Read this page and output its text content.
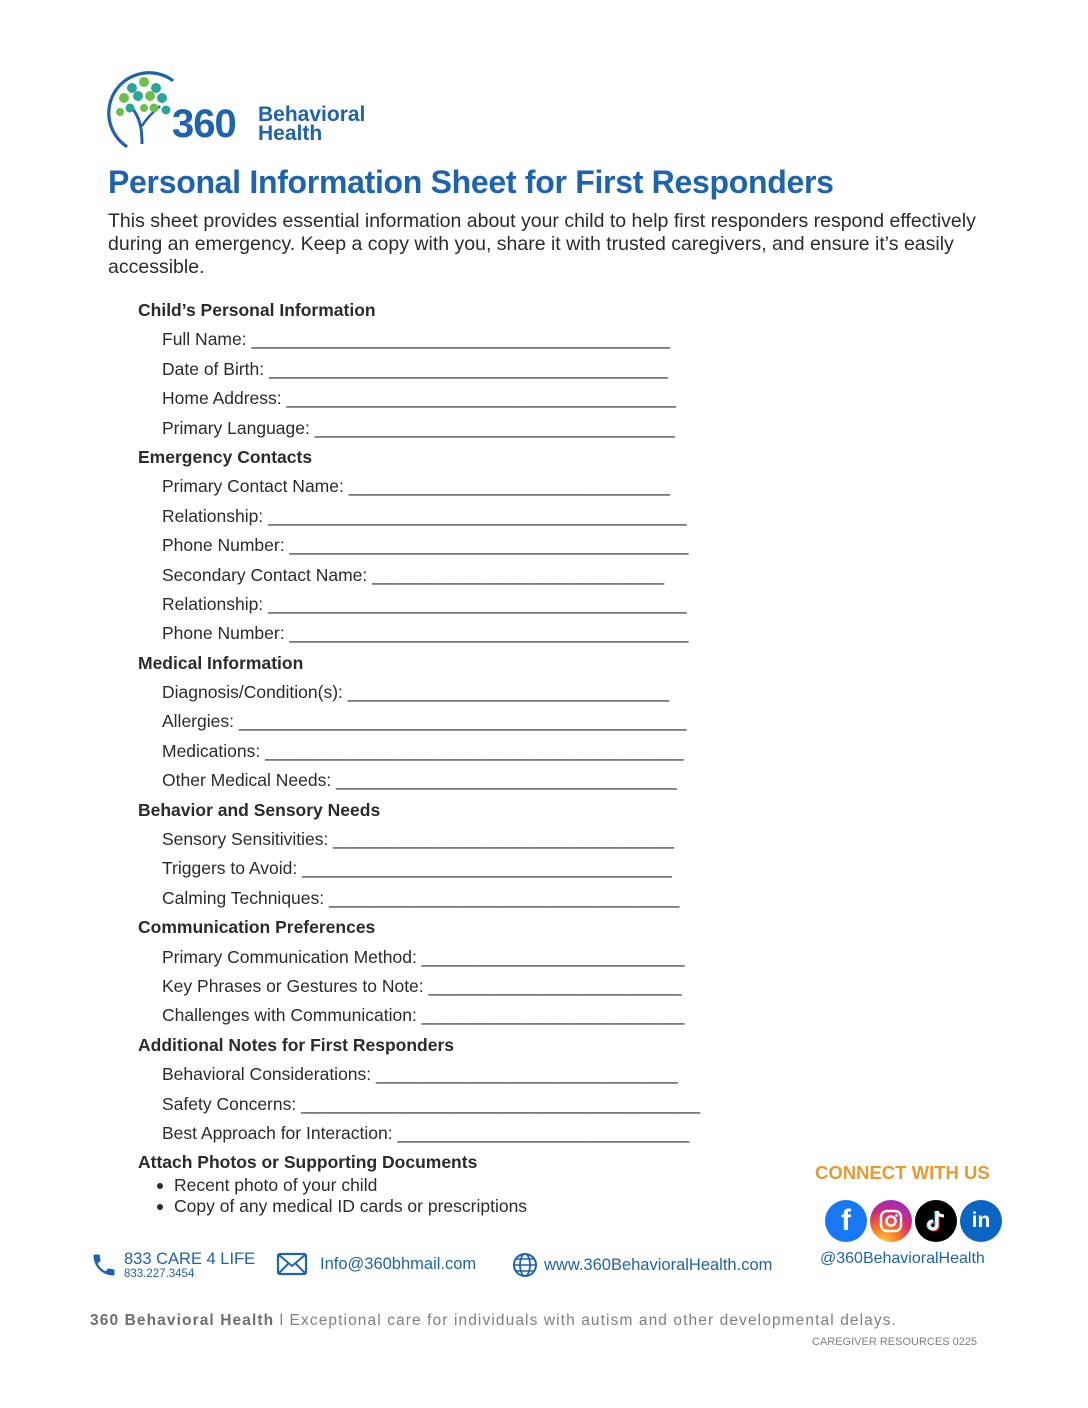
360 Behavioral
Health
Personal Information Sheet for First Responders
This sheet provides essential information about your child to help first responders respond effectively during an emergency. Keep a copy with you, share it with trusted caregivers, and ensure it’s easily accessible.
Child’s Personal Information
Full Name: ___________________________________________
Date of Birth: _________________________________________
Home Address: ________________________________________
Primary Language: _____________________________________
Emergency Contacts
Primary Contact Name: _________________________________
Relationship: ___________________________________________
Phone Number: _________________________________________
Secondary Contact Name: ______________________________
Relationship: ___________________________________________
Phone Number: _________________________________________
Medical Information
Diagnosis/Condition(s): _________________________________
Allergies: ______________________________________________
Medications: ___________________________________________
Other Medical Needs: ___________________________________
Behavior and Sensory Needs
Sensory Sensitivities: ___________________________________
Triggers to Avoid: ______________________________________
Calming Techniques: ____________________________________
Communication Preferences
Primary Communication Method: ___________________________
Key Phrases or Gestures to Note: __________________________
Challenges with Communication: ___________________________
Additional Notes for First Responders
Behavioral Considerations: _______________________________
Safety Concerns: _________________________________________
Best Approach for Interaction: ______________________________
Attach Photos or Supporting Documents
Recent photo of your child
Copy of any medical ID cards or prescriptions
CONNECT WITH US
f	in
@360BehavioralHealth
833 CARE 4 LIFE
833.227.3454
Info@360bhmail.com	www.360BehavioralHealth.com
360 Behavioral Health l Exceptional care for individuals with autism and other developmental delays.
CAREGIVER RESOURCES 0225
